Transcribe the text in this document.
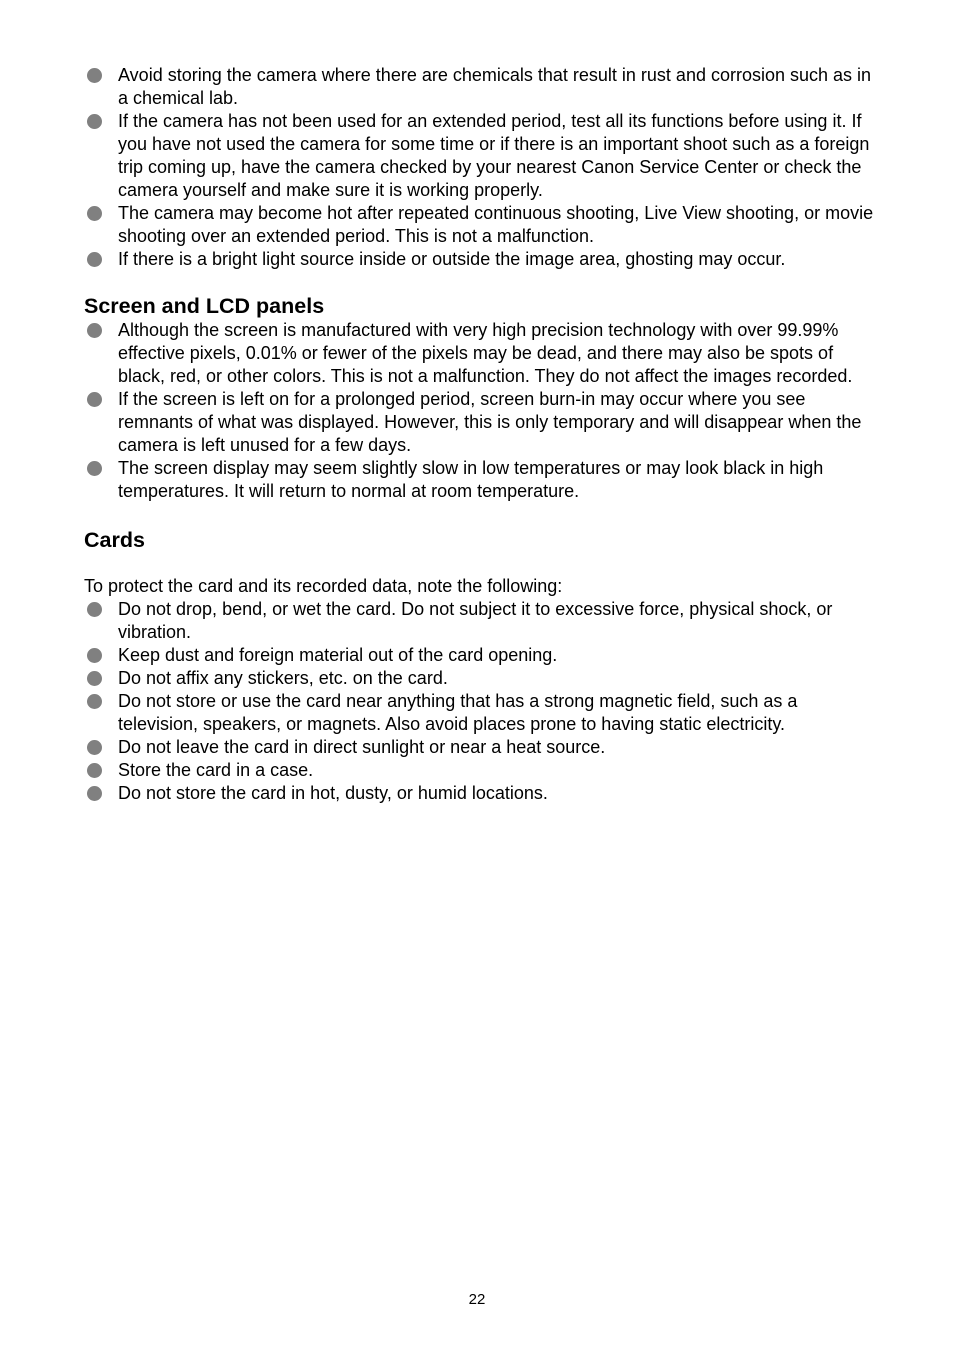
Avoid storing the camera where there are chemicals that result in rust and corrosion such as in a chemical lab.
If the camera has not been used for an extended period, test all its functions before using it. If you have not used the camera for some time or if there is an important shoot such as a foreign trip coming up, have the camera checked by your nearest Canon Service Center or check the camera yourself and make sure it is working properly.
The camera may become hot after repeated continuous shooting, Live View shooting, or movie shooting over an extended period. This is not a malfunction.
If there is a bright light source inside or outside the image area, ghosting may occur.
Screen and LCD panels
Although the screen is manufactured with very high precision technology with over 99.99% effective pixels, 0.01% or fewer of the pixels may be dead, and there may also be spots of black, red, or other colors. This is not a malfunction. They do not affect the images recorded.
If the screen is left on for a prolonged period, screen burn-in may occur where you see remnants of what was displayed. However, this is only temporary and will disappear when the camera is left unused for a few days.
The screen display may seem slightly slow in low temperatures or may look black in high temperatures. It will return to normal at room temperature.
Cards

To protect the card and its recorded data, note the following:

Do not drop, bend, or wet the card. Do not subject it to excessive force, physical shock, or vibration.
Keep dust and foreign material out of the card opening.
Do not affix any stickers, etc. on the card.
Do not store or use the card near anything that has a strong magnetic field, such as a television, speakers, or magnets. Also avoid places prone to having static electricity.
Do not leave the card in direct sunlight or near a heat source.
Store the card in a case.
Do not store the card in hot, dusty, or humid locations.
22
